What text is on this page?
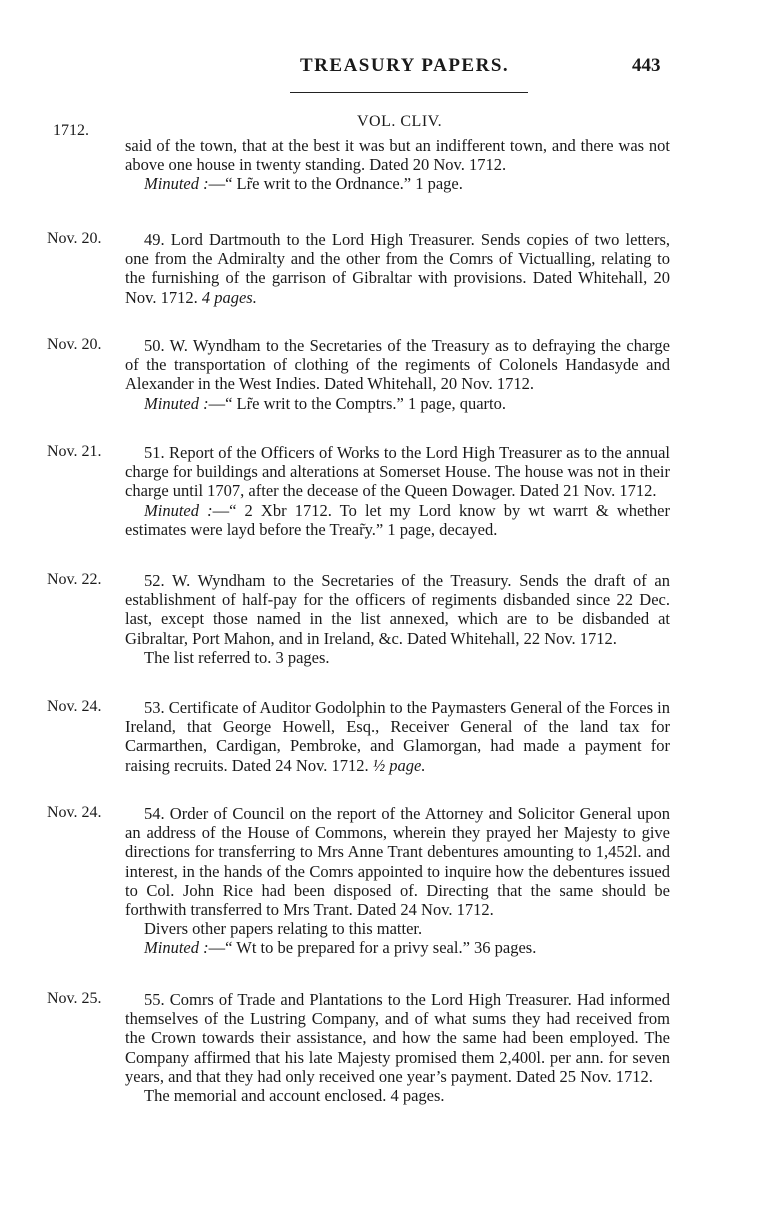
TREASURY PAPERS.	443
VOL. CLIV.
1712.

said of the town, that at the best it was but an indifferent town, and there was not above one house in twenty standing. Dated 20 Nov. 1712.

Minuted :—“ Lr̃e writ to the Ordnance.” 1 page.

Nov. 20.	49. Lord Dartmouth to the Lord High Treasurer. Sends copies of two letters, one from the Admiralty and the other from the Comrs of Victualling, relating to the furnishing of the garrison of Gibraltar with provisions. Dated Whitehall, 20 Nov. 1712. 4 pages.

Nov. 20.	50. W. Wyndham to the Secretaries of the Treasury as to defraying the charge of the transportation of clothing of the regiments of Colonels Handasyde and Alexander in the West Indies. Dated Whitehall, 20 Nov. 1712.

Minuted :—“ Lr̃e writ to the Comptrs.” 1 page, quarto.

Nov. 21.	51. Report of the Officers of Works to the Lord High Treasurer as to the annual charge for buildings and alterations at Somerset House. The house was not in their charge until 1707, after the decease of the Queen Dowager. Dated 21 Nov. 1712.

Minuted :—“ 2 Xbr 1712. To let my Lord know by wt warrt & whether estimates were layd before the Trear̃y.” 1 page, decayed.

Nov. 22.	52. W. Wyndham to the Secretaries of the Treasury. Sends the draft of an establishment of half-pay for the officers of regiments disbanded since 22 Dec. last, except those named in the list annexed, which are to be disbanded at Gibraltar, Port Mahon, and in Ireland, &c. Dated Whitehall, 22 Nov. 1712.

The list referred to. 3 pages.

Nov. 24.	53. Certificate of Auditor Godolphin to the Paymasters General of the Forces in Ireland, that George Howell, Esq., Receiver General of the land tax for Carmarthen, Cardigan, Pembroke, and Glamorgan, had made a payment for raising recruits. Dated 24 Nov. 1712. ½ page.

Nov. 24.	54. Order of Council on the report of the Attorney and Solicitor General upon an address of the House of Commons, wherein they prayed her Majesty to give directions for transferring to Mrs Anne Trant debentures amounting to 1,452l. and interest, in the hands of the Comrs appointed to inquire how the debentures issued to Col. John Rice had been disposed of. Directing that the same should be forthwith transferred to Mrs Trant. Dated 24 Nov. 1712.

Divers other papers relating to this matter.

Minuted :—“ Wt to be prepared for a privy seal.” 36 pages.

Nov. 25.	55. Comrs of Trade and Plantations to the Lord High Treasurer. Had informed themselves of the Lustring Company, and of what sums they had received from the Crown towards their assistance, and how the same had been employed. The Company affirmed that his late Majesty promised them 2,400l. per ann. for seven years, and that they had only received one year’s payment. Dated 25 Nov. 1712.

The memorial and account enclosed. 4 pages.
